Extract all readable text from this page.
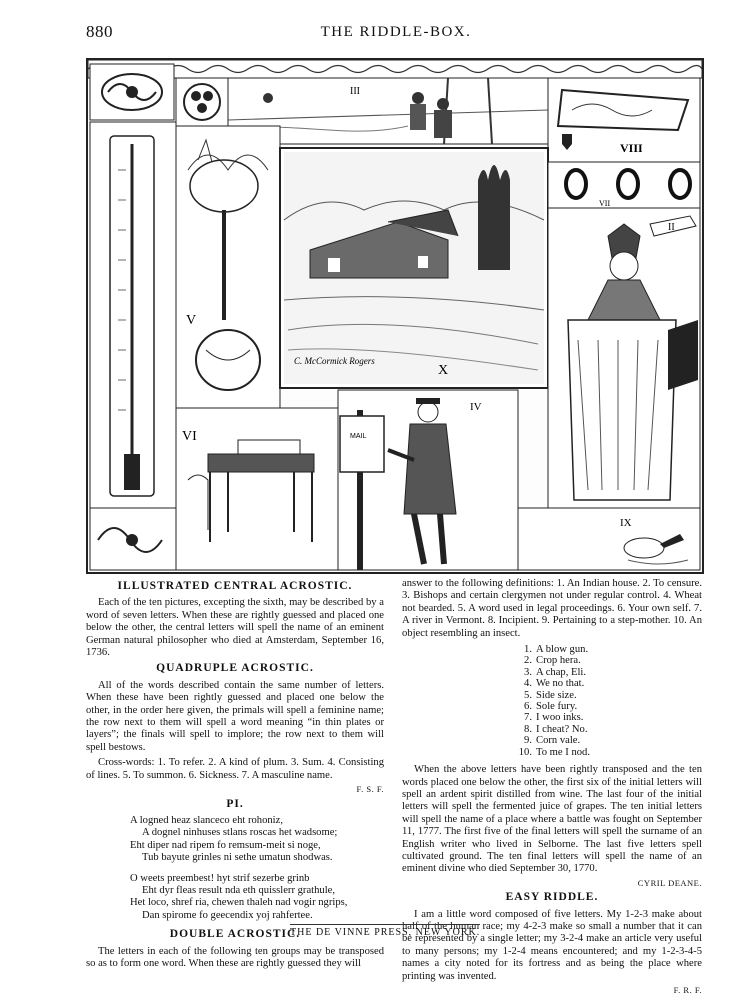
880	THE RIDDLE-BOX.
III
VIII
V
C. McCormick Rogers
X
VII
II
MAIL
IV
VI
IX
ILLUSTRATED CENTRAL ACROSTIC.

Each of the ten pictures, excepting the sixth, may be described by a word of seven letters. When these are rightly guessed and placed one below the other, the central letters will spell the name of an eminent German natural philosopher who died at Amsterdam, September 16, 1736.

QUADRUPLE ACROSTIC.

All of the words described contain the same number of letters. When these have been rightly guessed and placed one below the other, in the order here given, the primals will spell a feminine name; the row next to them will spell a word meaning “in thin plates or layers”; the finals will spell to implore; the row next to them will spell bestows.

Cross-words: 1. To refer. 2. A kind of plum. 3. Sum. 4. Consisting of lines. 5. To summon. 6. Sickness. 7. A masculine name.

F. S. F.
PI.
A logned heaz slanceco eht rohoniz,
A dognel ninhuses stlans roscas het wadsome;
Eht diper nad ripem fo remsum-meit si noge,
Tub bayute grinles ni sethe umatun shodwas.
O weets preembest! hyt strif sezerbe grinb
Eht dyr fleas result nda eth quisslerr grathule,
Het loco, shref ria, chewen thaleh nad vogir ngrips,
Dan spirome fo geecendix yoj rahfertee.
DOUBLE ACROSTIC.

The letters in each of the following ten groups may be transposed so as to form one word. When these are rightly guessed they will

answer to the following definitions: 1. An Indian house. 2. To censure. 3. Bishops and certain clergymen not under regular control. 4. Wheat not bearded. 5. A word used in legal proceedings. 6. Your own self. 7. A river in Vermont. 8. Incipient. 9. Pertaining to a step-mother. 10. An object resembling an insect.

1. A blow gun.
2. Crop hera.
3. A chap, Eli.
4. We no that.
5. Side size.
6. Sole fury.
7. I woo inks.
8. I cheat? No.
9. Corn vale.
10. To me I nod.

When the above letters have been rightly transposed and the ten words placed one below the other, the first six of the initial letters will spell an ardent spirit distilled from wine. The last four of the initial letters will spell the fermented juice of grapes. The ten initial letters will spell the name of a place where a battle was fought on September 11, 1777. The first five of the final letters will spell the surname of an English writer who lived in Selborne. The last five letters spell cultivated ground. The ten final letters will spell the name of an eminent divine who died September 30, 1770.

CYRIL DEANE.
EASY RIDDLE.

I am a little word composed of five letters. My 1-2-3 make about half of the human race; my 4-2-3 make so small a number that it can be represented by a single letter; my 3-2-4 make an article very useful to many persons; my 1-2-4 means encountered; and my 1-2-3-4-5 names a city noted for its fortress and as being the place where printing was invented.

F. R. F.
THE DE VINNE PRESS, NEW YORK.
